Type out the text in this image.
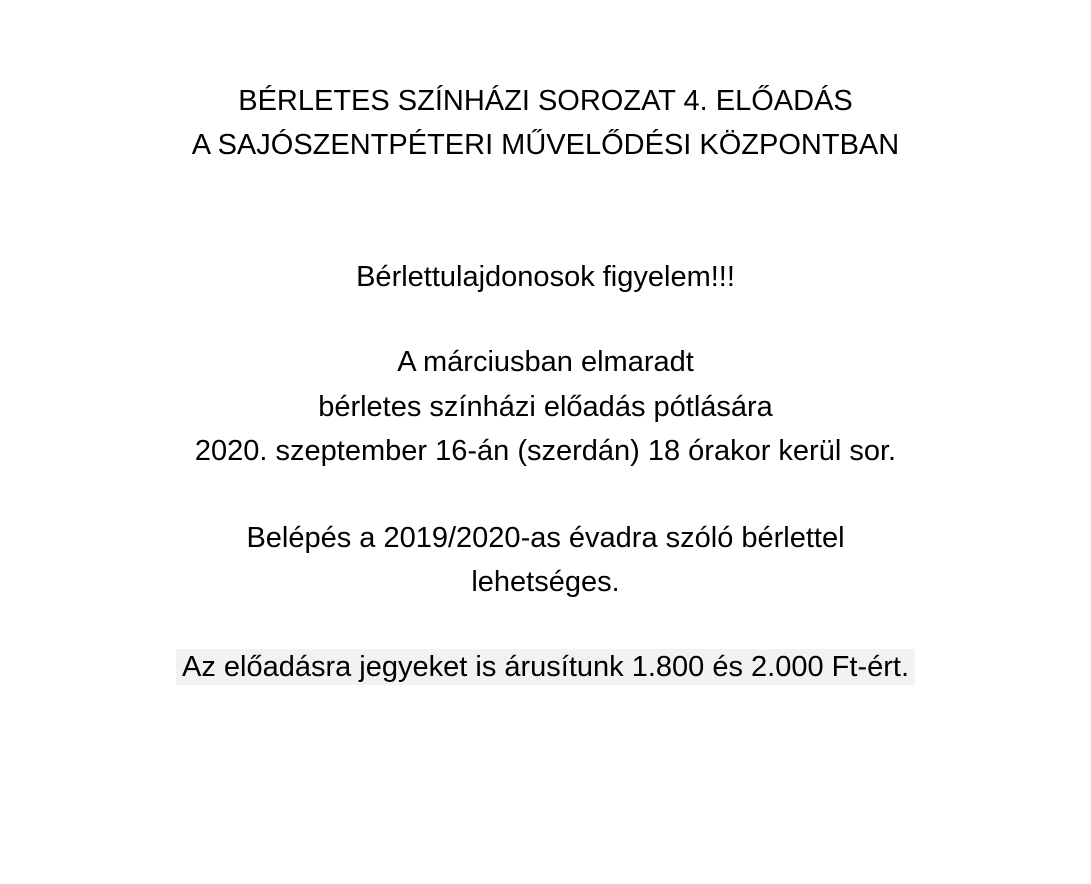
BÉRLETES SZÍNHÁZI SOROZAT 4. ELŐADÁS
A SAJÓSZENTPÉTERI MŰVELŐDÉSI KÖZPONTBAN
Bérlettulajdonosok figyelem!!!
A márciusban elmaradt
bérletes színházi előadás pótlására
2020. szeptember 16-án (szerdán) 18 órakor kerül sor.
Belépés a 2019/2020-as évadra szóló bérlettel
lehetséges.
Az előadásra jegyeket is árusítunk 1.800 és 2.000 Ft-ért.
